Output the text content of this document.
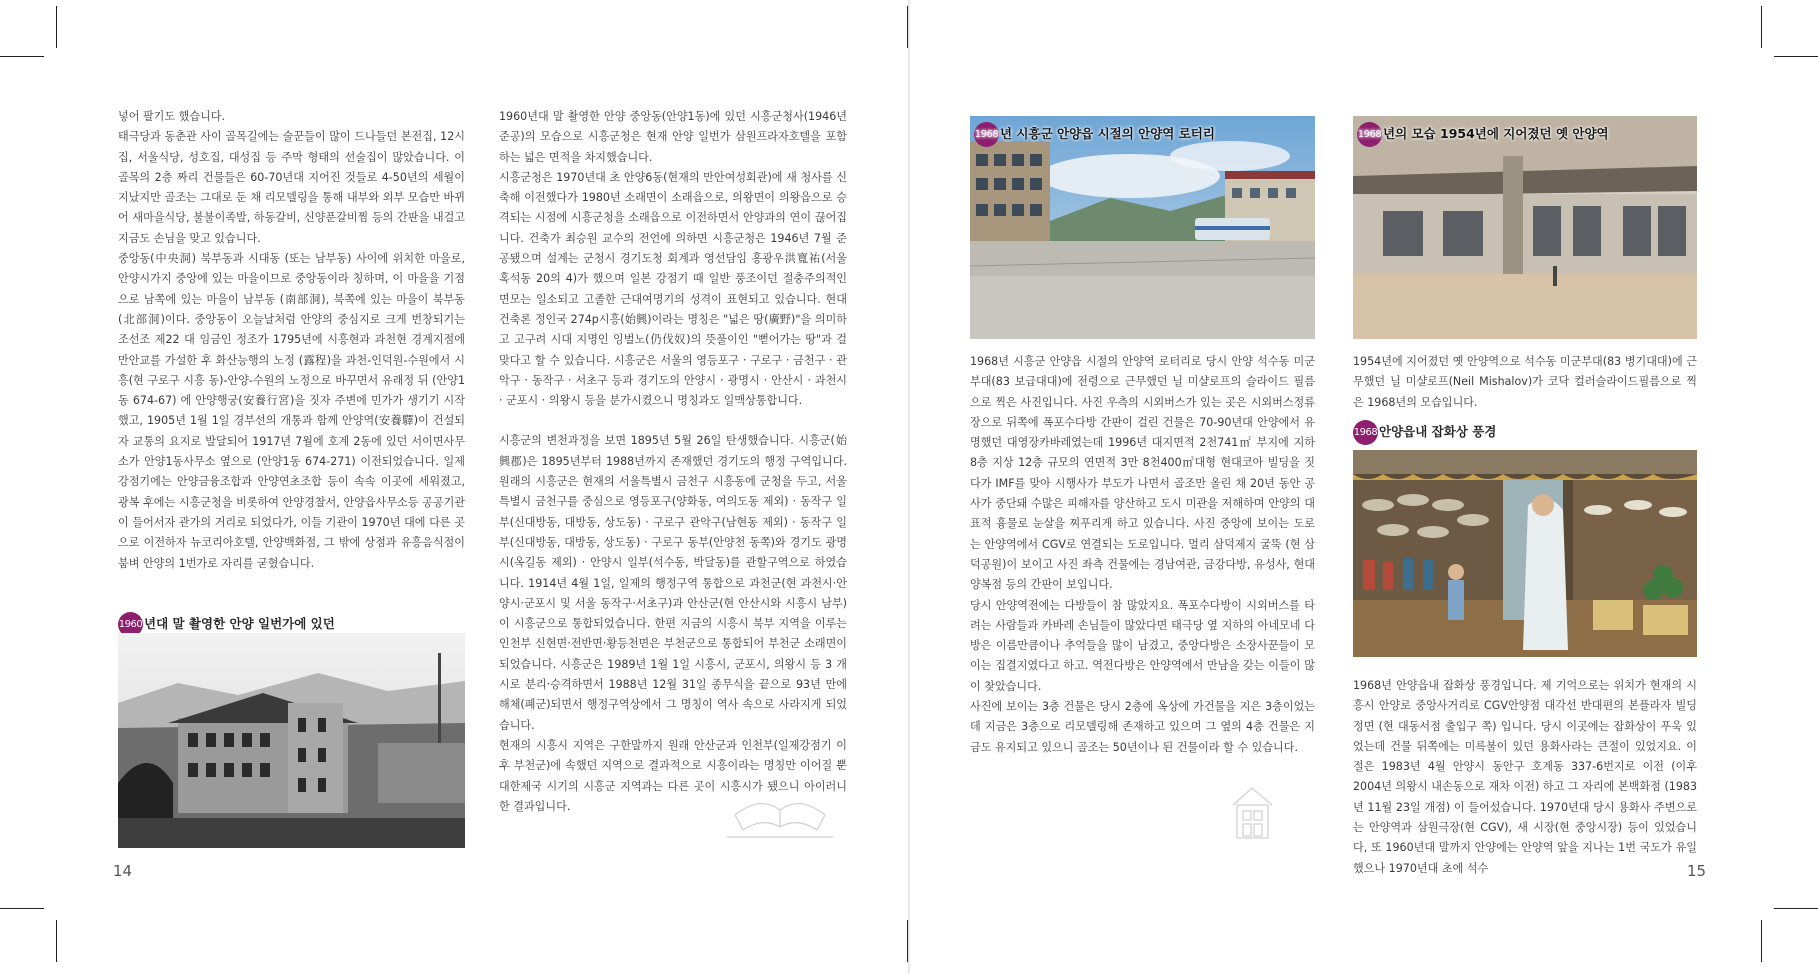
넣어 팔기도 했습니다.

태극당과 동춘관 사이 골목길에는 술꾼들이 많이 드나들던 본전집, 12시 집, 서울식당, 성호집, 대성집 등 주막 형태의 선술집이 많았습니다. 이 골목의 2층 짜리 건물들은 60-70년대 지어진 것들로 4-50년의 세월이 지났지만 골조는 그대로 둔 채 리모델링을 통해 내부와 외부 모습만 바뀌어 새마을식당, 불불이족발, 하동갈비, 신양푼갈비찜 등의 간판을 내걸고 지금도 손님을 맞고 있습니다.

중앙동(中央洞) 북부동과 시대동 (또는 남부동) 사이에 위치한 마을로, 안양시가지 중앙에 있는 마을이므로 중앙동이라 칭하며, 이 마을을 기점으로 남쪽에 있는 마을이 남부동 (南部洞), 북쪽에 있는 마을이 북부동(北部洞)이다. 중앙동이 오늘날처럼 안양의 중심지로 크게 번창되기는 조선조 제22 대 임금인 정조가 1795년에 시흥현과 과천현 경계지점에 만안교를 가설한 후 화산능행의 노정 (露程)을 과천-인덕원-수원에서 시흥(현 구로구 시흥 동)-안양-수원의 노정으로 바꾸면서 유래정 뒤 (안양1동 674-67) 에 안양행궁(安養行宮)을 짓자 주변에 민가가 생기기 시작했고, 1905년 1월 1일 경부선의 개통과 함께 안양역(安養驛)이 건설되자 교통의 요지로 발달되어 1917년 7월에 호계 2동에 있던 서이면사무소가 안양1동사무소 옆으로 (안양1동 674-271) 이전되었습니다. 일제강점기에는 안양금융조합과 안양연초조합 등이 속속 이곳에 세워졌고, 광복 후에는 시흥군청을 비롯하여 안양경찰서, 안양읍사무소등 공공기관이 들어서자 관가의 거리로 되었다가, 이들 기관이 1970년 대에 다른 곳으로 이전하자 뉴코리아호텔, 안양백화점, 그 밖에 상점과 유흥음식점이 붐벼 안양의 1번가로 자리를 굳혔습니다.

1960 년대 말 촬영한 안양 일번가에 있던

1960년대 말 촬영한 안양 중앙동(안양1동)에 있던 시흥군청사(1946년 준공)의 모습으로 시흥군청은 현재 안양 일번가 삼원프라자호텔을 포함하는 넓은 면적을 차지했습니다.

시흥군청은 1970년대 초 안양6동(현재의 만안여성회관)에 새 청사를 신축해 이전했다가 1980년 소래면이 소래읍으로, 의왕면이 의왕읍으로 승격되는 시점에 시흥군청을 소래읍으로 이전하면서 안양과의 연이 끊어집니다. 건축가 최승원 교수의 전언에 의하면 시흥군청은 1946년 7월 준공됐으며 설계는 군청시 경기도청 회계과 영선담임 홍광우洪寬祐(서울 혹석동 20의 4)가 했으며 일본 강점기 때 일반 풍조이던 절충주의적인 면모는 일소되고 고졸한 근대여명기의 성격이 표현되고 있습니다. 현대건축론 정인국 274p시흥(始興)이라는 명칭은 "넓은 땅(廣野)"을 의미하고 고구려 시대 지명인 잉벌노(仍伐奴)의 뜻풀이인 "뻗어가는 땅"과 걸맞다고 할 수 있습니다. 시흥군은 서울의 영등포구 · 구로구 · 금천구 · 관악구 · 동작구 · 서초구 등과 경기도의 안양시 · 광명시 · 안산시 · 과천시 · 군포시 · 의왕시 등을 분가시켰으니 명칭과도 일맥상통합니다.

시흥군의 변천과정을 보면 1895년 5월 26일 탄생했습니다. 시흥군(始興郡)은 1895년부터 1988년까지 존재했던 경기도의 행정 구역입니다. 원래의 시흥군은 현재의 서울특별시 금천구 시흥동에 군청을 두고, 서울특별시 금천구를 중심으로 영등포구(양화동, 여의도동 제외) · 동작구 일부(신대방동, 대방동, 상도동) · 구로구 관악구(남현동 제외) · 동작구 일부(신대방동, 대방동, 상도동) · 구로구 동부(안양천 동쪽)와 경기도 광명시(옥길동 제외) · 안양시 일부(석수동, 박달동)를 관할구역으로 하였습니다. 1914년 4월 1일, 일제의 행정구역 통합으로 과천군(현 과천시·안양시·군포시 및 서울 동작구·서초구)과 안산군(현 안산시와 시흥시 남부)이 시흥군으로 통합되었습니다. 한편 지금의 시흥시 북부 지역을 이루는 인천부 신현면·전반면·황등천면은 부천군으로 통합되어 부천군 소래면이 되었습니다. 시흥군은 1989년 1월 1일 시흥시, 군포시, 의왕시 등 3 개시로 분리·승격하면서 1988년 12월 31일 종무식을 끝으로 93년 만에 해체(폐군)되면서 행정구역상에서 그 명칭이 역사 속으로 사라지게 되었습니다.

현재의 시흥시 지역은 구한말까지 원래 안산군과 인천부(일제강점기 이후 부천군)에 속했던 지역으로 결과적으로 시흥이라는 명칭만 이어질 뿐 대한제국 시기의 시흥군 지역과는 다른 곳이 시흥시가 됐으니 아이러니한 결과입니다.

14
1968 년 시흥군 안양읍 시절의 안양역 로터리	1968 년의 모습 1954년에 지어졌던 옛 안양역

1968년 시흥군 안양읍 시절의 안양역 로터리로 당시 안양 석수동 미군부대(83 보급대대)에 전령으로 근무했던 닐 미샬로프의 슬라이드 필름으로 찍은 사진입니다. 사진 우측의 시외버스가 있는 곳은 시외버스정류장으로 뒤쪽에 폭포수다방 간판이 걸린 건물은 70-90년대 안양에서 유명했던 대영장카바레였는데 1996년 대지면적 2천741㎡ 부지에 지하 8층 지상 12층 규모의 연면적 3만 8천400㎡대형 현대코아 빌딩을 짓다가 IMF를 맞아 시행사가 부도가 나면서 골조만 올린 채 20년 동안 공사가 중단돼 수많은 피해자를 양산하고 도시 미관을 저해하며 안양의 대표적 흉물로 눈살을 찌푸리게 하고 있습니다. 사진 중앙에 보이는 도로는 안양역에서 CGV로 연결되는 도로입니다. 멀리 삼덕제지 굴뚝 (현 삼덕공원)이 보이고 사진 좌측 건물에는 경남여관, 금강다방, 유성사, 현대양복점 등의 간판이 보입니다.

당시 안양역전에는 다방들이 참 많았지요. 폭포수다방이 시외버스를 타려는 사람들과 카바레 손님들이 많았다면 태극당 옆 지하의 아네모네 다방은 이름만큼이나 추억들을 많이 남겼고, 중앙다방은 소장사꾼들이 모이는 집결지였다고 하고. 역전다방은 안양역에서 만남을 갖는 이들이 많이 찾았습니다.

사진에 보이는 3층 건물은 당시 2층에 옥상에 가건물을 지은 3층이었는데 지금은 3층으로 리모델링해 존재하고 있으며 그 옆의 4층 건물은 지금도 유지되고 있으니 골조는 50년이나 된 건물이라 할 수 있습니다.

1954년에 지어졌던 옛 안양역으로 석수동 미군부대(83 병기대대)에 근무했던 닐 미샬로프(Neil Mishalov)가 코닥 컬러슬라이드필름으로 찍은 1968년의 모습입니다.

1968 안양읍내 잡화상 풍경

1968년 안양읍내 잡화상 풍경입니다. 제 기억으로는 위치가 현재의 시흥시 안양로 중앙사거리로 CGV안양점 대각선 반대편의 본플라자 빌딩 정면 (현 대동서점 출입구 쪽) 입니다. 당시 이곳에는 잡화상이 푸욱 있었는데 건물 뒤쪽에는 미륵불이 있던 용화사라는 큰절이 있었지요. 이 절은 1983년 4월 안양시 동안구 호계동 337-6번지로 이전 (이후 2004년 의왕시 내손동으로 재차 이전) 하고 그 자리에 본백화점 (1983년 11월 23일 개점) 이 들어섰습니다. 1970년대 당시 용화사 주변으로는 안양역과 삼원극장(현 CGV), 새 시장(현 중앙시장) 등이 있었습니다, 또 1960년대 말까지 안양에는 안양역 앞을 지나는 1번 국도가 유일했으나 1970년대 초에 석수	15
